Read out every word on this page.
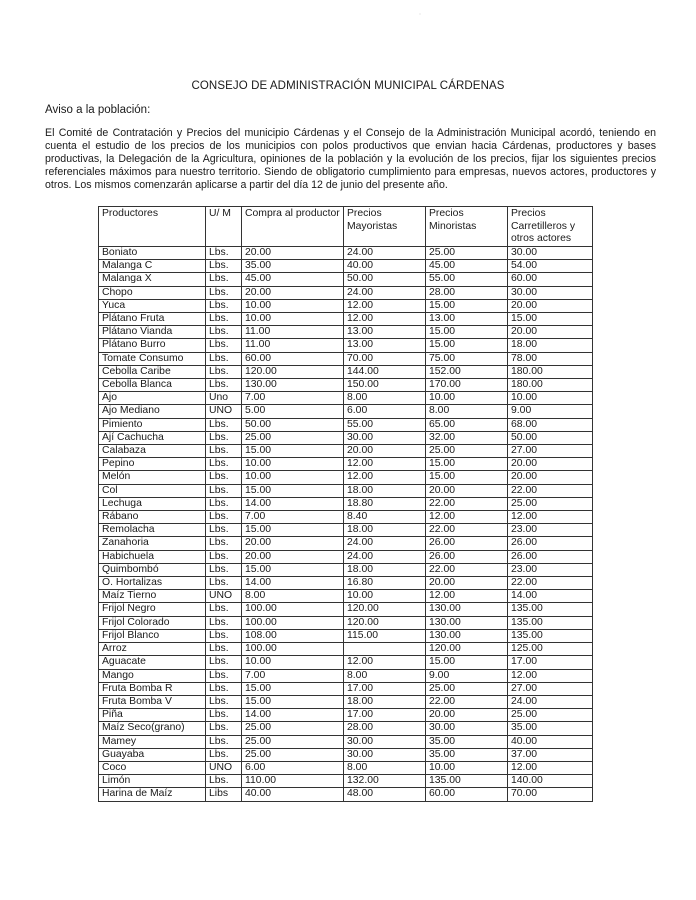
ˈ
CONSEJO DE ADMINISTRACIÓN MUNICIPAL CÁRDENAS
Aviso a la población:
El Comité de Contratación y Precios del municipio Cárdenas y el Consejo de la Administración Municipal acordó, teniendo en cuenta el estudio de los precios de los municipios con polos productivos que envian hacia Cárdenas, productores y bases productivas, la Delegación de la Agricultura, opiniones de la población y la evolución de los precios, fijar los siguientes precios referenciales máximos para nuestro territorio. Siendo de obligatorio cumplimiento para empresas, nuevos actores, productores y otros. Los mismos comenzarán aplicarse a partir del día 12 de junio del presente año.
Productores	U/ M	Compra al productor	Precios Mayoristas	Precios Minoristas	Precios Carretilleros y otros actores
Boniato	Lbs.	20.00	24.00	25.00	30.00
Malanga C	Lbs.	35.00	40.00	45.00	54.00
Malanga X	Lbs.	45.00	50.00	55.00	60.00
Chopo	Lbs.	20.00	24.00	28.00	30.00
Yuca	Lbs.	10.00	12.00	15.00	20.00
Plátano Fruta	Lbs.	10.00	12.00	13.00	15.00
Plátano Vianda	Lbs.	11.00	13.00	15.00	20.00
Plátano Burro	Lbs.	11.00	13.00	15.00	18.00
Tomate Consumo	Lbs.	60.00	70.00	75.00	78.00
Cebolla Caribe	Lbs.	120.00	144.00	152.00	180.00
Cebolla Blanca	Lbs.	130.00	150.00	170.00	180.00
Ajo	Uno	7.00	8.00	10.00	10.00
Ajo Mediano	UNO	5.00	6.00	8.00	9.00
Pimiento	Lbs.	50.00	55.00	65.00	68.00
Ají Cachucha	Lbs.	25.00	30.00	32.00	50.00
Calabaza	Lbs.	15.00	20.00	25.00	27.00
Pepino	Lbs.	10.00	12.00	15.00	20.00
Melón	Lbs.	10.00	12.00	15.00	20.00
Col	Lbs.	15.00	18.00	20.00	22.00
Lechuga	Lbs.	14.00	18.80	22.00	25.00
Rábano	Lbs.	7.00	8.40	12.00	12.00
Remolacha	Lbs.	15.00	18.00	22.00	23.00
Zanahoria	Lbs.	20.00	24.00	26.00	26.00
Habichuela	Lbs.	20.00	24.00	26.00	26.00
Quimbombó	Lbs.	15.00	18.00	22.00	23.00
O. Hortalizas	Lbs.	14.00	16.80	20.00	22.00
Maíz Tierno	UNO	8.00	10.00	12.00	14.00
Frijol Negro	Lbs.	100.00	120.00	130.00	135.00
Frijol Colorado	Lbs.	100.00	120.00	130.00	135.00
Frijol Blanco	Lbs.	108.00	115.00	130.00	135.00
Arroz	Lbs.	100.00		120.00	125.00
Aguacate	Lbs.	10.00	12.00	15.00	17.00
Mango	Lbs.	7.00	8.00	9.00	12.00
Fruta Bomba R	Lbs.	15.00	17.00	25.00	27.00
Fruta Bomba V	Lbs.	15.00	18.00	22.00	24.00
Piña	Lbs.	14.00	17.00	20.00	25.00
Maíz Seco(grano)	Lbs.	25.00	28.00	30.00	35.00
Mamey	Lbs.	25.00	30.00	35.00	40.00
Guayaba	Lbs.	25.00	30.00	35.00	37.00
Coco	UNO	6.00	8.00	10.00	12.00
Limón	Lbs.	110.00	132.00	135.00	140.00
Harina de Maíz	Libs	40.00	48.00	60.00	70.00
